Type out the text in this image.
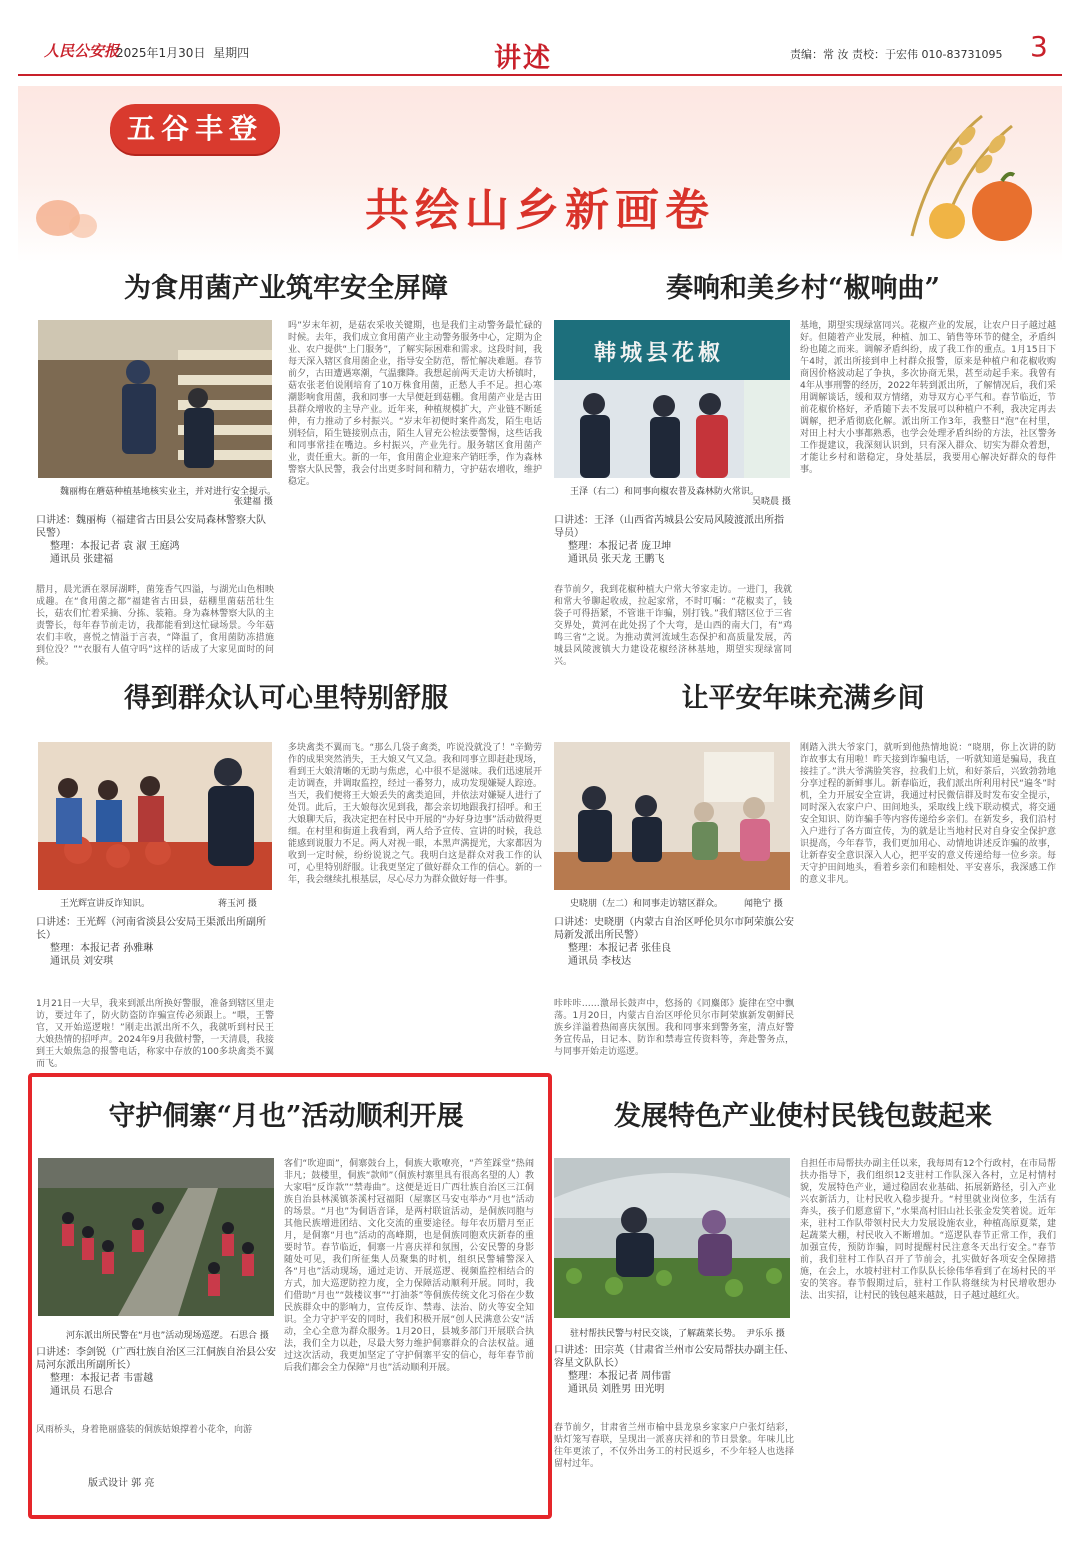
人民公安报
2025年1月30日 星期四	讲述	责编：常 汝 责校：于宏伟 010-83731095 3
五谷丰登
共绘山乡新画卷
为食用菌产业筑牢安全屏障
魏丽梅在蘑菇种植基地核实业主，并对进行安全提示。
张建福 摄
口讲述：魏丽梅（福建省古田县公安局森林警察大队民警）
整理：本报记者 袁 淑 王庭鸿
通讯员 张建福
腊月，晨光洒在翠屏湖畔，菌笼香气四溢，与湖光山色相映成趣。在“食用菌之都”福建省古田县，菇棚里菌菇茁壮生长，菇农们忙着采摘、分拣、装箱。身为森林警察大队的主责警长，每年春节前走访，我都能看到这忙碌场景。今年菇农们丰收，喜悦之情溢于言表，“降温了，食用菌防冻措施到位没？”“衣服有人值守吗”这样的话成了大家见面时的问候。
吗”岁末年初，是菇农采收关键期，也是我们主动警务最忙碌的时候。去年，我们成立食用菌产业主动警务服务中心，定期为企业、农户提供“上门服务”，了解实际困难和需求。这段时间，我每天深入辖区食用菌企业，指导安全防范，帮忙解决难题。春节前夕，古田遭遇寒潮，气温骤降。我想起前两天走访大桥镇时，菇农张老伯说刚培育了10万株食用菌，正愁人手不足。担心寒潮影响食用菌，我和同事一大早便赶到菇棚。食用菌产业是古田县群众增收的主导产业。近年来，种植规模扩大，产业链不断延伸，有力推动了乡村振兴。“岁末年初便时案件高发，陌生电话别轻信，陌生链接别点击，陌生人冒充公检法要警惕，这些话我和同事常挂在嘴边。乡村振兴，产业先行。服务辖区食用菌产业，责任重大。新的一年，食用菌企业迎来产销旺季，作为森林警察大队民警，我会付出更多时间和精力，守护菇农增收，维护稳定。
奏响和美乡村“椒响曲”
韩城县花椒
王泽（右二）和同事向椒农普及森林防火常识。
吴晓晨 摄
口讲述：王泽（山西省芮城县公安局风陵渡派出所指导员）
整理：本报记者 庞卫坤
通讯员 张天龙 王鹏飞
春节前夕，我到花椒种植大户常大爷家走访。一进门，我就和常大爷聊起收成，拉起家常，不时叮嘱：“花椒卖了，钱袋子可得捂紧，不管谁干诈骗，别打钱。”我们辖区位于三省交界处，黄河在此处拐了个大弯，是山西的南大门，有“鸡鸣三省”之说。为推动黄河流域生态保护和高质量发展，芮城县风陵渡镇大力建设花椒经济林基地，期望实现绿富同兴。
基地，期望实现绿富同兴。花椒产业的发展，让农户日子越过越好。但随着产业发展，种植、加工、销售等环节的健全，矛盾纠纷也随之而来。调解矛盾纠纷，成了我工作的重点。1月15日下午4时，派出所接到申上村群众报警，原来是种植户和花椒收购商因价格波动起了争执，多次协商无果，甚至动起手来。我曾有4年从事刑警的经历，2022年转到派出所，了解情况后，我们采用调解谈话，缓和双方情绪，劝导双方心平气和。春节临近，节前花椒价格好，矛盾随下去不发展可以种植户不利，我决定再去调解，把矛盾彻底化解。派出所工作3年，我整日“泡”在村里，对田上村大小事都熟悉，也学会处理矛盾纠纷的方法，社区警务工作提建议，我深刻认识到，只有深入群众、切实为群众着想，才能让乡村和谐稳定，身处基层，我要用心解决好群众的每件事。
得到群众认可心里特别舒服
王光辉宣讲反诈知识。	蒋玉河 摄
口讲述：王光辉（河南省淡县公安局王渠派出所副所长）
整理：本报记者 孙雅琳
通讯员 刘安琪
1月21日一大早，我来到派出所换好警服，准备到辖区里走访，要过年了，防火防盗防诈骗宣传必须跟上。“喂，王警官，又开始巡逻啦！”刚走出派出所不久，我就听到村民王大娘热情的招呼声。2024年9月我做村警，一天清晨，我接到王大娘焦急的报警电话，称家中存放的100多块禽类不翼而飞。
多块禽类不翼而飞。“那么几袋子禽类，咋说没就没了！”辛勤劳作的成果突然消失，王大娘又气又急。我和同事立即赶赴现场，看到王大娘清晰的无助与焦虑，心中很不是滋味。我们迅速展开走访调查，并调取监控，经过一番努力，成功发现嫌疑人踪迹。当天，我们便将王大娘丢失的禽类追回，并依法对嫌疑人进行了处罚。此后，王大娘每次见到我，都会亲切地跟我打招呼。和王大娘聊天后，我决定把在村民中开展的“办好身边事”活动做得更细。在村里和街道上我看到，两人给予宣传、宣讲的时候，我总能感到说服力不足。两人对视一眼，本黑声满提光，大家都因为收到一定时候，纷纷说说之气。我明白这是群众对我工作的认可，心里特别舒服。让我更坚定了做好群众工作的信心。新的一年，我会继续扎根基层，尽心尽力为群众做好每一件事。
让平安年味充满乡间
史晓朋（左二）和同事走访辖区群众。	闻艳宁 摄
口讲述：史晓朋（内蒙古自治区呼伦贝尔市阿荣旗公安局新发派出所民警）
整理：本报记者 张佳良
通讯员 李枝达
咔咔咔……激昂长鼓声中，悠扬的《同麋郎》旋律在空中飘荡。1月20日，内蒙古自治区呼伦贝尔市阿荣旗新发朝鲜民族乡洋溢着热闹喜庆氛围。我和同事来到警务室，清点好警务宣传品，日记本、防诈和禁毒宣传资料等，奔赴警务点，与同事开始走访巡逻。
刚踏入洪大爷家门，就听到他热情地说：“晓朋，你上次讲的防诈故事太有用啦！昨天接到诈骗电话，一听就知道是骗局，我直接挂了。”洪大爷满脸笑容，拉我们上炕，和好茶后，兴致勃勃地分享过程的新鲜事儿。新春临近，我们派出所利用村民“遍冬”时机，全力开展安全宣讲，我通过村民微信群及时发布安全提示，同时深入农家户户、田间地头，采取线上线下联动模式，将交通安全知识、防诈骗手等内容传递给乡亲们。在新发乡，我们沿村入户进行了各方面宣传，为的就是让当地村民对自身安全保护意识提高，今年春节，我们更加用心、动情地讲述反诈骗的故事，让新春安全意识深入人心，把平安的意义传递给每一位乡亲。每天守护田间地头，看着乡亲们和睦相处、平安喜乐，我深感工作的意义非凡。
守护侗寨“月也”活动顺利开展
河东派出所民警在“月也”活动现场巡逻。 石思合 摄
口讲述：李剑锐（广西壮族自治区三江侗族自治县公安局河东派出所副所长）
整理：本报记者 韦雷越
通讯员 石思合
风雨桥头，身着艳丽盛装的侗族姑娘撑着小花伞，向游
客们“吹迎面”，侗寨鼓台上，侗族大歌嘹亮，“芦笙踩堂”热闹非凡；鼓楼里，侗族“款师”（侗族村寨里具有很高名望的人）教大家唱“反诈款”“禁毒曲”。这便是近日广西壮族自治区三江侗族自治县林溪镇茶溪村冠福阳（屋寨区马安屯举办“月也”活动的场景。“月也”为侗语音译，是两村联谊活动，是侗族同胞与其他民族增进团结、文化交流的重要途径。每年农历腊月至正月，是侗寨“月也”活动的高峰期，也是侗族同胞欢庆新春的重要时节。春节临近，侗寨一片喜庆祥和氛围，公安民警的身影随处可见，我们所征集人员聚集的时机，组织民警辅警深入各“月也”活动现场，通过走访、开展巡逻、视频监控相结合的方式，加大巡逻防控力度，全力保障活动顺利开展。同时，我们借助“月也”“鼓楼议事”“打油茶”等侗族传统文化习俗在少数民族群众中的影响力，宣传反诈、禁毒、法治、防火等安全知识。全力守护平安的同时，我们积极开展“创人民满意公安”活动，全心全意为群众服务。1月20日，县城多部门开展联合执法，我们全力以赴，尽最大努力维护侗寨群众的合法权益。通过这次活动，我更加坚定了守护侗寨平安的信心，每年春节前后我们都会全力保障“月也”活动顺利开展。
版式设计 郭 亮
发展特色产业使村民钱包鼓起来
驻村帮扶民警与村民交谈，了解蔬菜长势。 尹乐乐 摄
口讲述：田宗英（甘肃省兰州市公安局帮扶办副主任、容星文队队长）
整理：本报记者 周伟雷
通讯员 刘胜男 田光明
春节前夕，甘肃省兰州市榆中县龙泉乡家家户户张灯结彩，贴灯笼写春联，呈现出一派喜庆祥和的节日景象。年味儿比往年更浓了，不仅外出务工的村民返乡，不少年轻人也选择留村过年。
自担任市局帮扶办副主任以来，我每周有12个行政村，在市局帮扶办指导下，我们组织12支驻村工作队深入各村，立足村情村貌，发展特色产业，通过稳固农业基础、拓展新路径，引入产业兴农新活力，让村民收入稳步提升。“村里就业岗位多，生活有奔头，孩子们愿意留下，”水果高村旧山社长张金发笑着说。近年来，驻村工作队带领村民大力发展设施农业，种植高原夏菜，建起蔬菜大棚，村民收入不断增加。“巡逻队春节正常工作，我们加强宣传，预防诈骗，同时提醒村民注意冬天出行安全。”春节前，我们驻村工作队召开了节前会，扎实做好各项安全保障措施，在会上，水坡村驻村工作队队长徐伟华看到了在场村民的平安的笑容。春节假期过后，驻村工作队将继续为村民增收想办法、出实招，让村民的钱包越来越鼓，日子越过越红火。
